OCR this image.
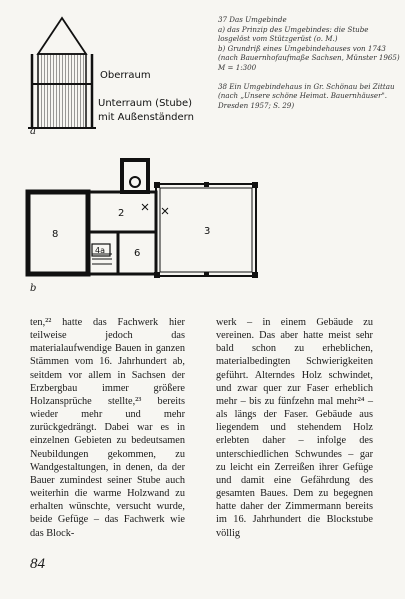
Oberraum
Unterraum (Stube)
mit Außenständern
a
8
2
4a	6
3
b

37 Das Umgebinde

a) das Prinzip des Umgebindes: die Stube losgelöst vom Stützgerüst (o. M.)

b) Grundriß eines Umgebindehauses von 1743 (nach Bauernhofaufmaße Sachsen, Münster 1965) M = 1:300

38 Ein Umgebindehaus in Gr. Schönau bei Zittau (nach „Unsere schöne Heimat. Bauernhäuser". Dresden 1957; S. 29)

ten,²² hatte das Fachwerk hier teilweise jedoch das materialaufwendige Bauen in ganzen Stämmen vom 16. Jahrhundert ab, seitdem vor allem in Sachsen der Erzbergbau immer größere Holzansprüche stellte,²³ bereits wieder mehr und mehr zurückgedrängt. Dabei war es in einzelnen Gebieten zu bedeutsamen Neubildungen gekommen, zu Wandgestaltungen, in denen, da der Bauer zumindest seiner Stube auch weiterhin die warme Holzwand zu erhalten wünschte, versucht wurde, beide Gefüge – das Fachwerk wie das Block-

werk – in einem Gebäude zu vereinen. Das aber hatte meist sehr bald schon zu erheblichen, materialbedingten Schwierigkeiten geführt. Alterndes Holz schwindet, und zwar quer zur Faser erheblich mehr – bis zu fünfzehn mal mehr²⁴ – als längs der Faser. Gebäude aus liegendem und stehendem Holz erlebten daher – infolge des unterschiedlichen Schwundes – gar zu leicht ein Zerreißen ihrer Gefüge und damit eine Gefährdung des gesamten Baues. Dem zu begegnen hatte daher der Zimmermann bereits im 16. Jahrhundert die Blockstube völlig

84
